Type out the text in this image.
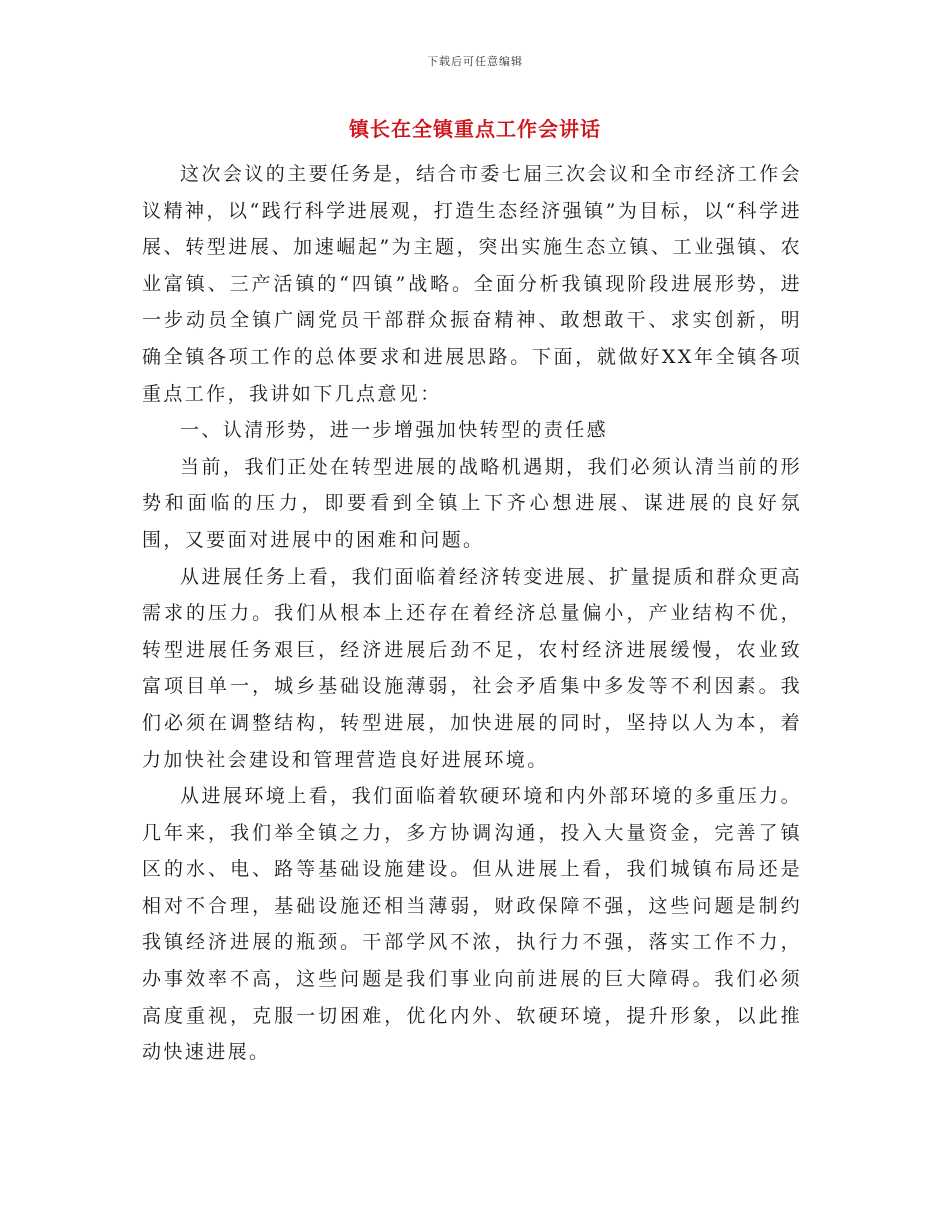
下载后可任意编辑
镇长在全镇重点工作会讲话

这次会议的主要任务是，结合市委七届三次会议和全市经济工作会议精神，以“践行科学进展观，打造生态经济强镇”为目标，以“科学进展、转型进展、加速崛起”为主题，突出实施生态立镇、工业强镇、农业富镇、三产活镇的“四镇”战略。全面分析我镇现阶段进展形势，进一步动员全镇广阔党员干部群众振奋精神、敢想敢干、求实创新，明确全镇各项工作的总体要求和进展思路。下面，就做好XX年全镇各项重点工作，我讲如下几点意见：

一、认清形势，进一步增强加快转型的责任感

当前，我们正处在转型进展的战略机遇期，我们必须认清当前的形势和面临的压力，即要看到全镇上下齐心想进展、谋进展的良好氛围，又要面对进展中的困难和问题。

从进展任务上看，我们面临着经济转变进展、扩量提质和群众更高需求的压力。我们从根本上还存在着经济总量偏小，产业结构不优，转型进展任务艰巨，经济进展后劲不足，农村经济进展缓慢，农业致富项目单一，城乡基础设施薄弱，社会矛盾集中多发等不利因素。我们必须在调整结构，转型进展，加快进展的同时，坚持以人为本，着力加快社会建设和管理营造良好进展环境。

从进展环境上看，我们面临着软硬环境和内外部环境的多重压力。几年来，我们举全镇之力，多方协调沟通，投入大量资金，完善了镇区的水、电、路等基础设施建设。但从进展上看，我们城镇布局还是相对不合理，基础设施还相当薄弱，财政保障不强，这些问题是制约我镇经济进展的瓶颈。干部学风不浓，执行力不强，落实工作不力，办事效率不高，这些问题是我们事业向前进展的巨大障碍。我们必须高度重视，克服一切困难，优化内外、软硬环境，提升形象，以此推动快速进展。
